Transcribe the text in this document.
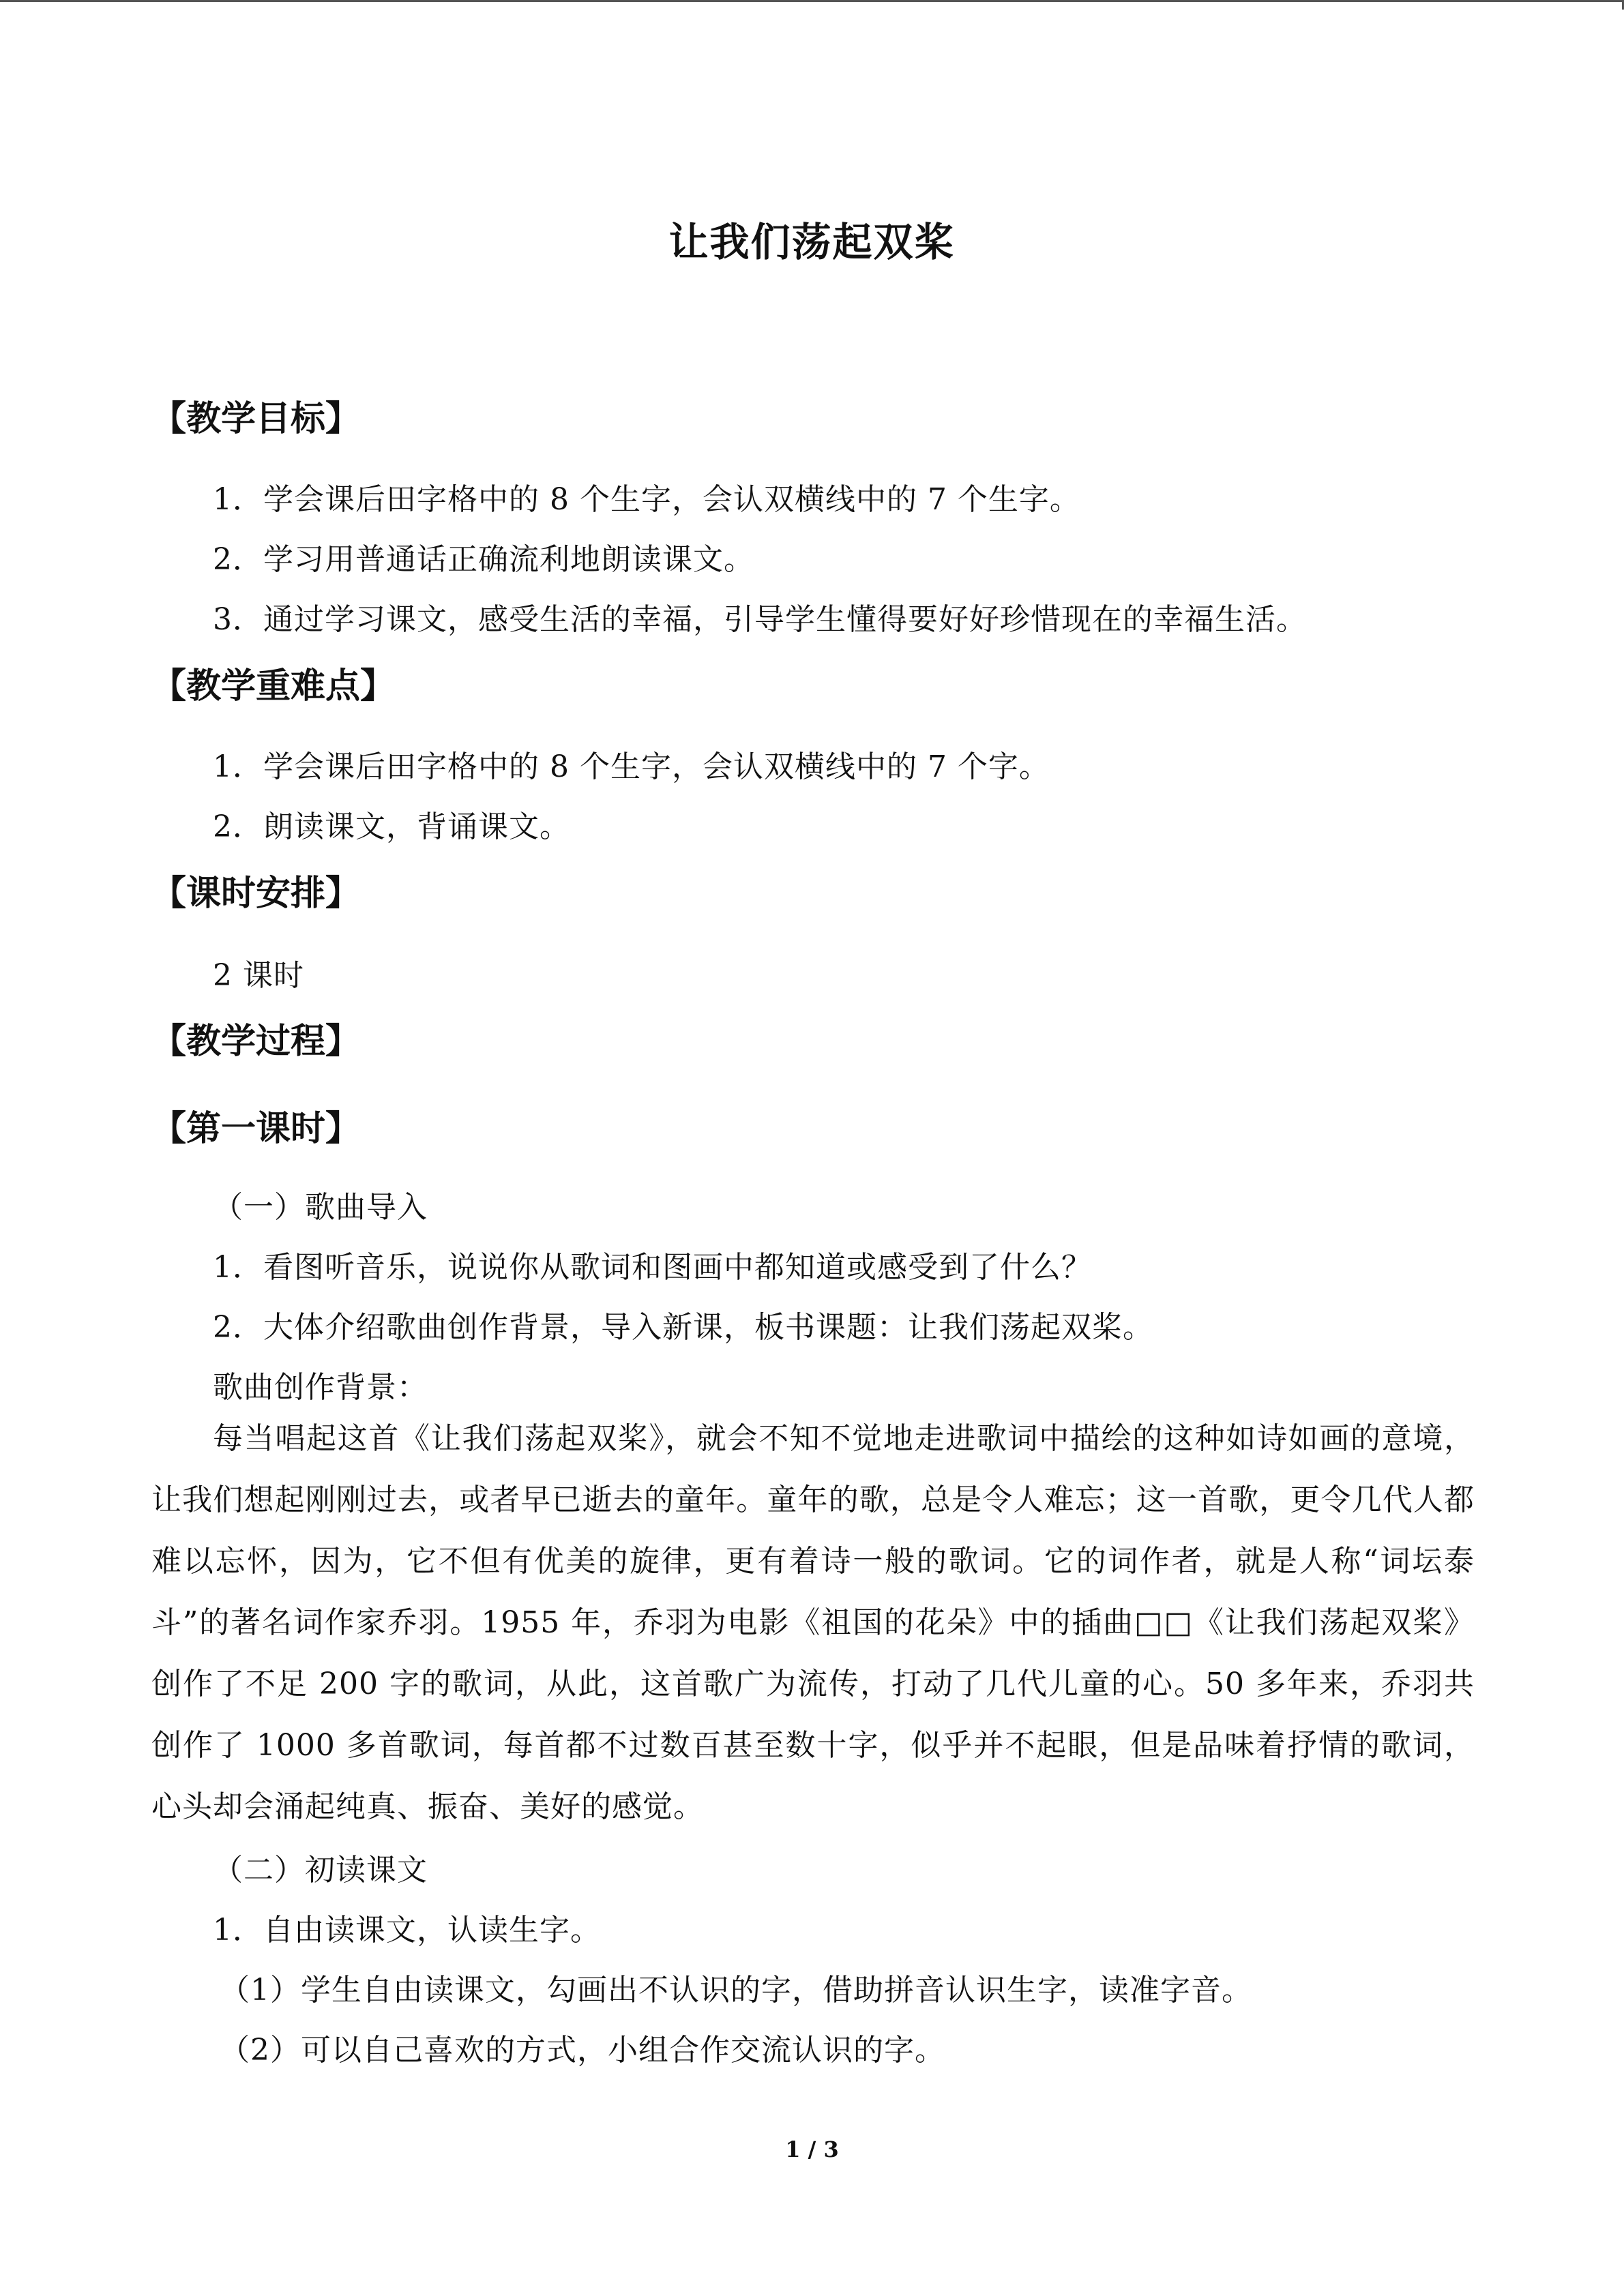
让我们荡起双桨
【教学目标】
1．学会课后田字格中的 8 个生字，会认双横线中的 7 个生字。
2．学习用普通话正确流利地朗读课文。
3．通过学习课文，感受生活的幸福，引导学生懂得要好好珍惜现在的幸福生活。
【教学重难点】
1．学会课后田字格中的 8 个生字，会认双横线中的 7 个字。
2．朗读课文，背诵课文。
【课时安排】
2 课时
【教学过程】
【第一课时】
（一）歌曲导入
1．看图听音乐，说说你从歌词和图画中都知道或感受到了什么？
2．大体介绍歌曲创作背景，导入新课，板书课题：让我们荡起双桨。
歌曲创作背景：
每当唱起这首《让我们荡起双桨》，就会不知不觉地走进歌词中描绘的这种如诗如画的意境，让我们想起刚刚过去，或者早已逝去的童年。童年的歌，总是令人难忘；这一首歌，更令几代人都难以忘怀，因为，它不但有优美的旋律，更有着诗一般的歌词。它的词作者，就是人称“词坛泰斗”的著名词作家乔羽。1955 年，乔羽为电影《祖国的花朵》中的插曲□□《让我们荡起双桨》创作了不足 200 字的歌词，从此，这首歌广为流传，打动了几代儿童的心。50 多年来，乔羽共创作了 1000 多首歌词，每首都不过数百甚至数十字，似乎并不起眼，但是品味着抒情的歌词，心头却会涌起纯真、振奋、美好的感觉。
（二）初读课文
1．自由读课文，认读生字。
（1）学生自由读课文，勾画出不认识的字，借助拼音认识生字，读准字音。
（2）可以自己喜欢的方式，小组合作交流认识的字。
1 / 3
